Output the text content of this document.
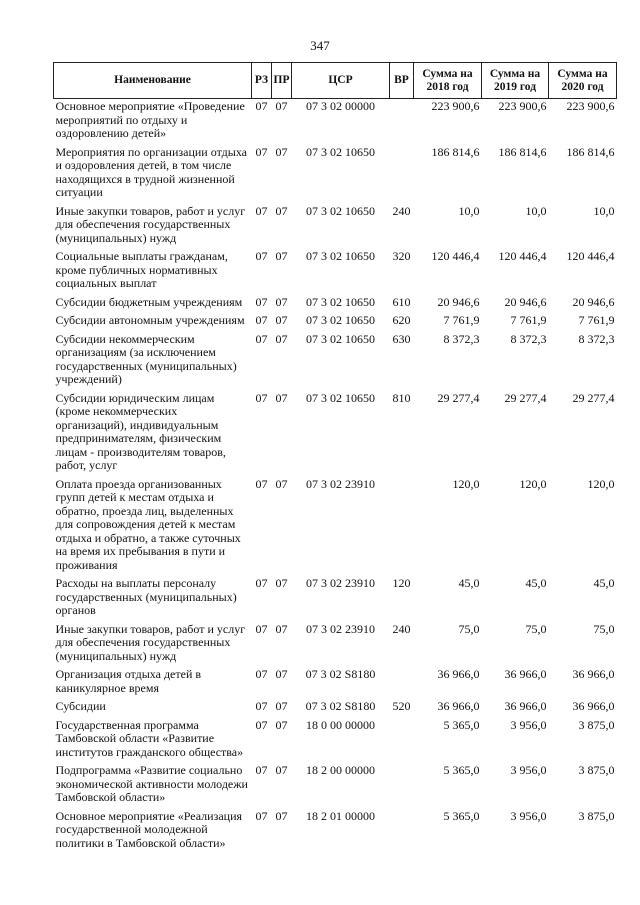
347
Наименование	РЗ	ПР	ЦСР	ВР	Сумма на 2018 год	Сумма на 2019 год	Сумма на 2020 год
Основное мероприятие «Проведение мероприятий по отдыху и оздоровлению детей»	07	07	07 3 02 00000		223 900,6	223 900,6	223 900,6
Мероприятия по организации отдыха и оздоровления детей, в том числе находящихся в трудной жизненной ситуации	07	07	07 3 02 10650		186 814,6	186 814,6	186 814,6
Иные закупки товаров, работ и услуг для обеспечения государственных (муниципальных) нужд	07	07	07 3 02 10650	240	10,0	10,0	10,0
Социальные выплаты гражданам, кроме публичных нормативных социальных выплат	07	07	07 3 02 10650	320	120 446,4	120 446,4	120 446,4
Субсидии бюджетным учреждениям	07	07	07 3 02 10650	610	20 946,6	20 946,6	20 946,6
Субсидии автономным учреждениям	07	07	07 3 02 10650	620	7 761,9	7 761,9	7 761,9
Субсидии некоммерческим организациям (за исключением государственных (муниципальных) учреждений)	07	07	07 3 02 10650	630	8 372,3	8 372,3	8 372,3
Субсидии юридическим лицам (кроме некоммерческих организаций), индивидуальным предпринимателям, физическим лицам - производителям товаров, работ, услуг	07	07	07 3 02 10650	810	29 277,4	29 277,4	29 277,4
Оплата проезда организованных групп детей к местам отдыха и обратно, проезда лиц, выделенных для сопровождения детей к местам отдыха и обратно, а также суточных на время их пребывания в пути и проживания	07	07	07 3 02 23910		120,0	120,0	120,0
Расходы на выплаты персоналу государственных (муниципальных) органов	07	07	07 3 02 23910	120	45,0	45,0	45,0
Иные закупки товаров, работ и услуг для обеспечения государственных (муниципальных) нужд	07	07	07 3 02 23910	240	75,0	75,0	75,0
Организация отдыха детей в каникулярное время	07	07	07 3 02 S8180		36 966,0	36 966,0	36 966,0
Субсидии	07	07	07 3 02 S8180	520	36 966,0	36 966,0	36 966,0
Государственная программа Тамбовской области «Развитие институтов гражданского общества»	07	07	18 0 00 00000		5 365,0	3 956,0	3 875,0
Подпрограмма «Развитие социально экономической активности молодежи Тамбовской области»	07	07	18 2 00 00000		5 365,0	3 956,0	3 875,0
Основное мероприятие «Реализация государственной молодежной политики в Тамбовской области»	07	07	18 2 01 00000		5 365,0	3 956,0	3 875,0
